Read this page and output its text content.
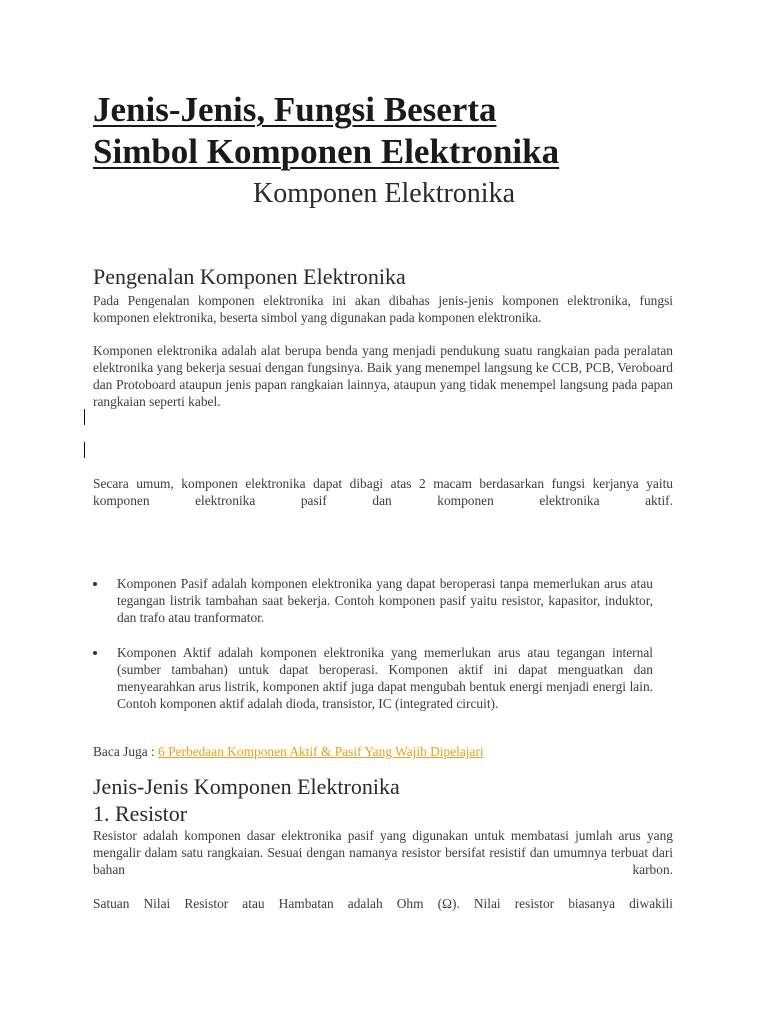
Jenis-Jenis, Fungsi Beserta
Simbol Komponen Elektronika
Komponen Elektronika
Pengenalan Komponen Elektronika

Pada Pengenalan komponen elektronika ini akan dibahas jenis-jenis komponen elektronika, fungsi komponen elektronika, beserta simbol yang digunakan pada komponen elektronika.

Komponen elektronika adalah alat berupa benda yang menjadi pendukung suatu rangkaian pada peralatan elektronika yang bekerja sesuai dengan fungsinya. Baik yang menempel langsung ke CCB, PCB, Veroboard dan Protoboard ataupun jenis papan rangkaian lainnya, ataupun yang tidak menempel langsung pada papan rangkaian seperti kabel.

Secara umum, komponen elektronika dapat dibagi atas 2 macam berdasarkan fungsi kerjanya yaitu komponen elektronika pasif dan komponen elektronika aktif.

Komponen Pasif adalah komponen elektronika yang dapat beroperasi tanpa memerlukan arus atau tegangan listrik tambahan saat bekerja. Contoh komponen pasif yaitu resistor, kapasitor, induktor, dan trafo atau tranformator.
Komponen Aktif adalah komponen elektronika yang memerlukan arus atau tegangan internal (sumber tambahan) untuk dapat beroperasi. Komponen aktif ini dapat menguatkan dan menyearahkan arus listrik, komponen aktif juga dapat mengubah bentuk energi menjadi energi lain. Contoh komponen aktif adalah dioda, transistor, IC (integrated circuit).

Baca Juga : 6 Perbedaan Komponen Aktif & Pasif Yang Wajib Dipelajari

Jenis-Jenis Komponen Elektronika
1. Resistor

Resistor adalah komponen dasar elektronika pasif yang digunakan untuk membatasi jumlah arus yang mengalir dalam satu rangkaian. Sesuai dengan namanya resistor bersifat resistif dan umumnya terbuat dari bahan karbon.

Satuan Nilai Resistor atau Hambatan adalah Ohm (Ω). Nilai resistor biasanya diwakili
